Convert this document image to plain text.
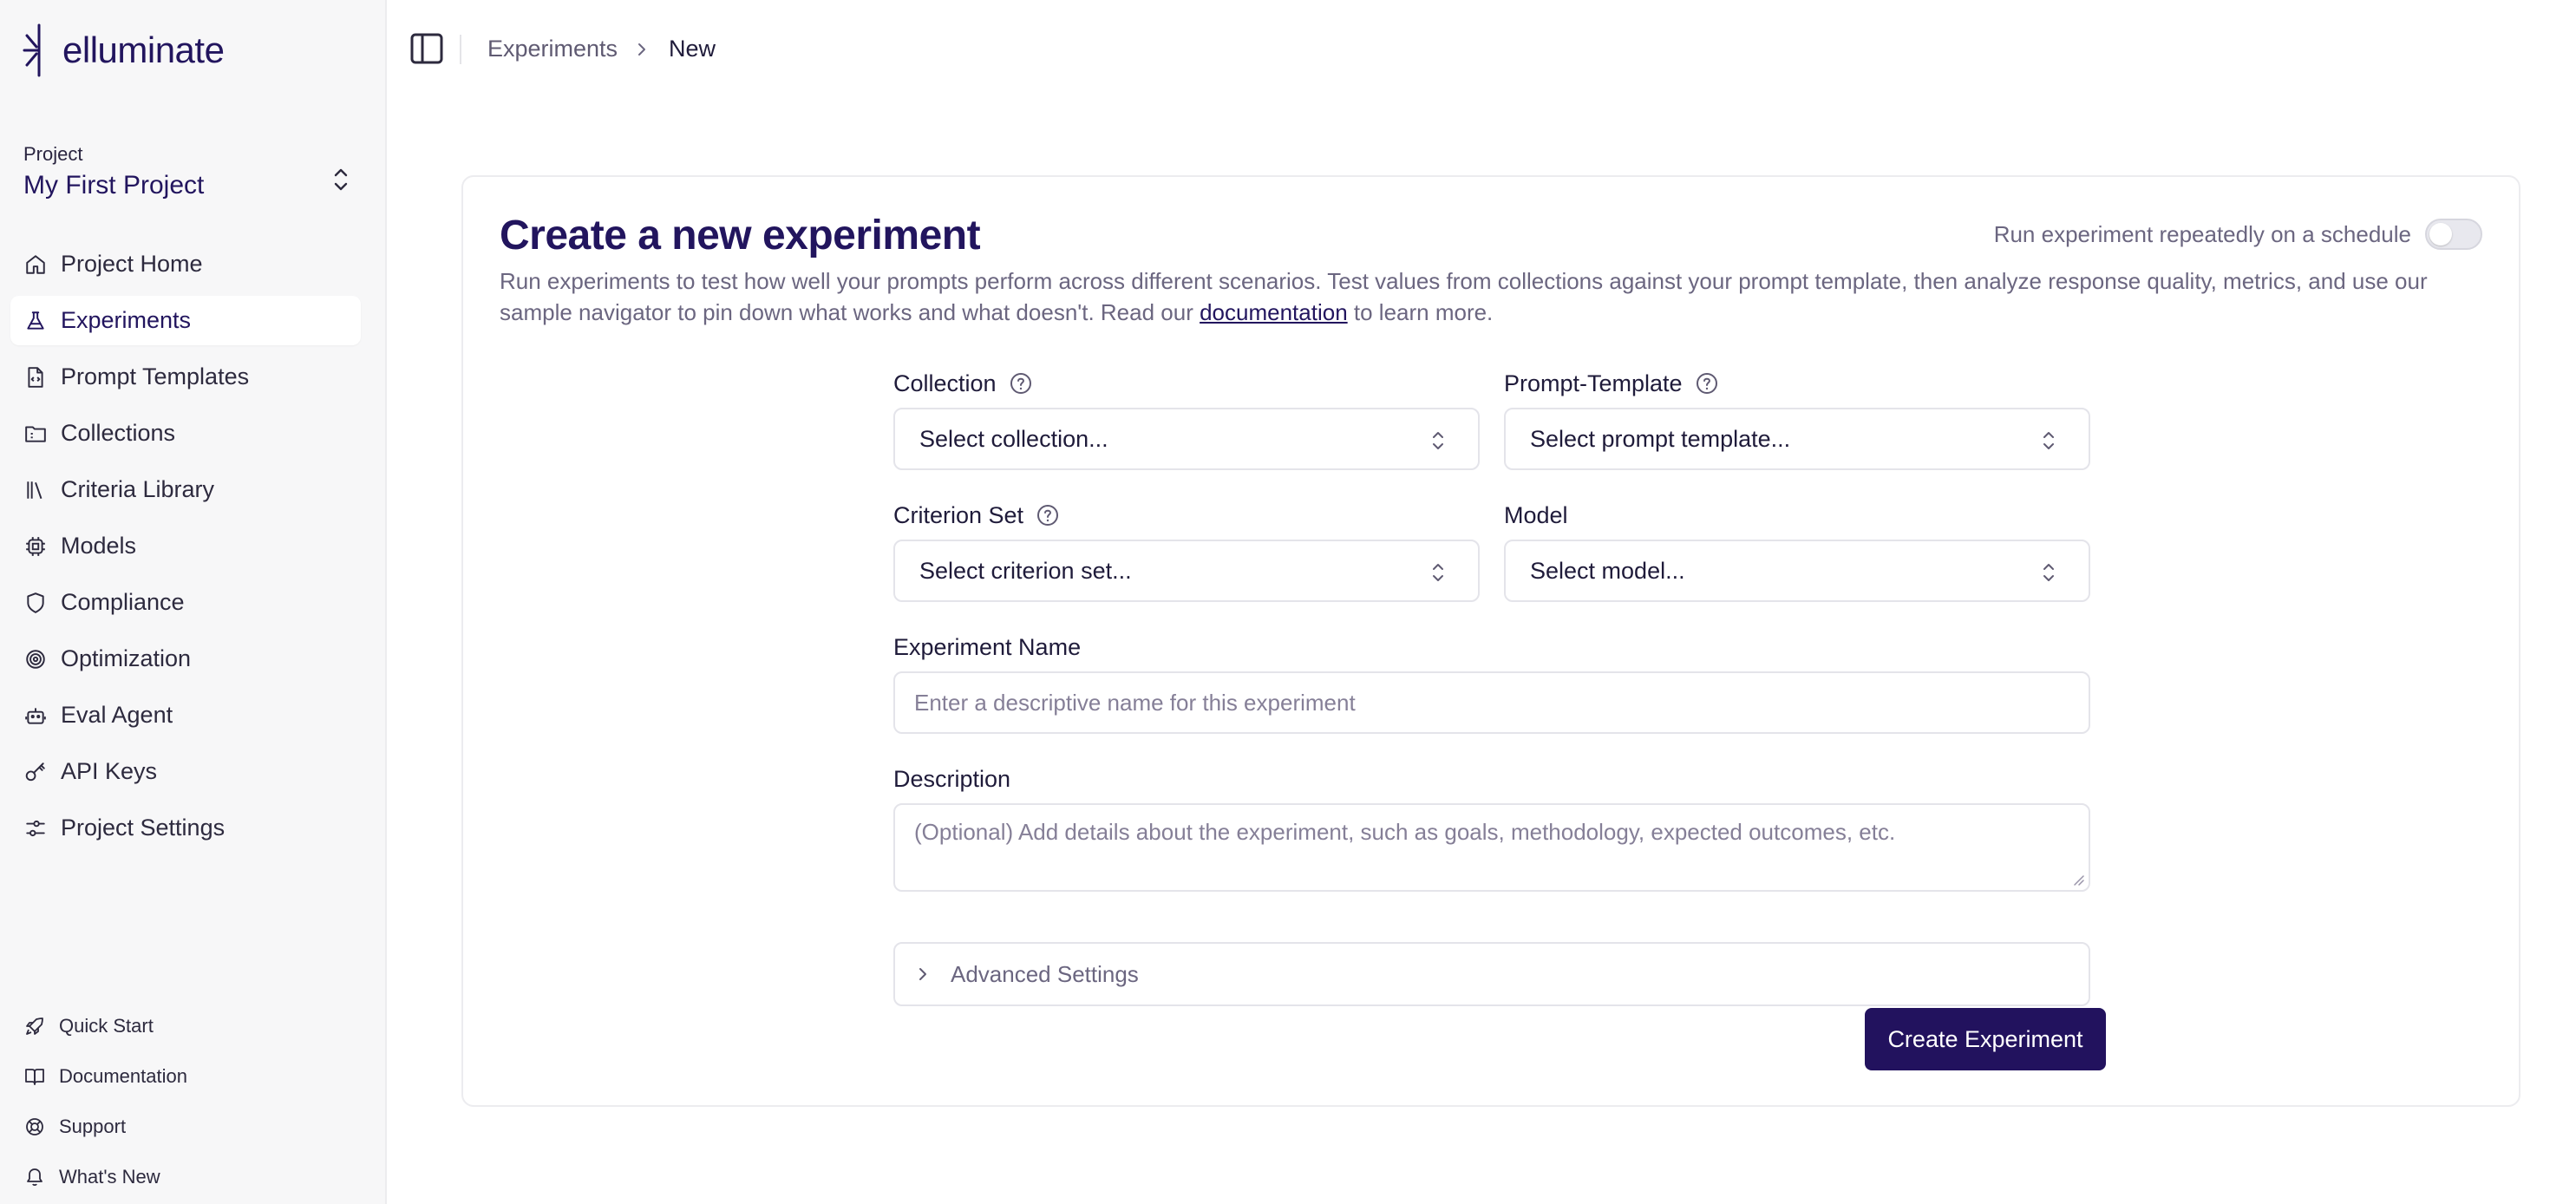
elluminate
Project
My First Project
Project Home
Experiments
Prompt Templates
Collections
Criteria Library
Models
Compliance
Optimization
Eval Agent
API Keys
Project Settings
Quick Start
Documentation
Support
What's New
Experiments New
Create a new experiment	Run experiment repeatedly on a schedule

Run experiments to test how well your prompts perform across different scenarios. Test values from collections against your prompt template, then analyze response quality, metrics, and use our sample navigator to pin down what works and what doesn't. Read our documentation to learn more.

Collection
Select collection...
Prompt-Template
Select prompt template...
Criterion Set
Select criterion set...
Model
Select model...
Experiment Name
Enter a descriptive name for this experiment
Description
(Optional) Add details about the experiment, such as goals, methodology, expected outcomes, etc.
Advanced Settings
Create Experiment
